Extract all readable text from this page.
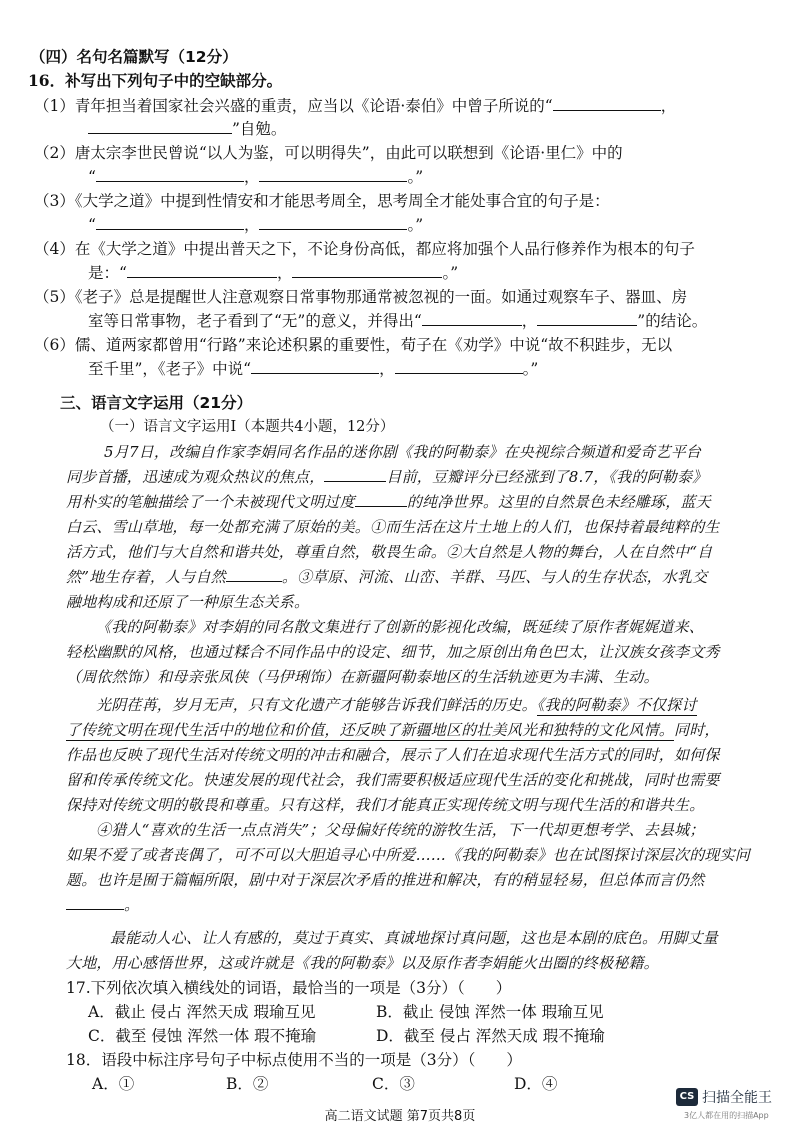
（四）名句名篇默写（12分）
16．补写出下列句子中的空缺部分。
（1）青年担当着国家社会兴盛的重责，应当以《论语·泰伯》中曾子所说的“	，
”自勉。
（2）唐太宗李世民曾说“以人为鉴，可以明得失”，由此可以联想到《论语·里仁》中的
“	，	。”
（3）《大学之道》中提到性情安和才能思考周全，思考周全才能处事合宜的句子是：
“	，	。”
（4）在《大学之道》中提出普天之下，不论身份高低，都应将加强个人品行修养作为根本的句子
是：“	，	。”
（5）《老子》总是提醒世人注意观察日常事物那通常被忽视的一面。如通过观察车子、器皿、房
室等日常事物，老子看到了“无”的意义，并得出“	，	”的结论。
（6）儒、道两家都曾用“行路”来论述积累的重要性，荀子在《劝学》中说“故不积跬步，无以
至千里”，《老子》中说“	，	。”
三、语言文字运用（21分）
（一）语言文字运用Ⅰ（本题共4小题，12分）
5月7日，改编自作家李娟同名作品的迷你剧《我的阿勒泰》在央视综合频道和爱奇艺平台
同步首播，迅速成为观众热议的焦点，	目前，豆瓣评分已经涨到了8.7，《我的阿勒泰》
用朴实的笔触描绘了一个未被现代文明过度	的纯净世界。这里的自然景色未经雕琢，蓝天
白云、雪山草地，每一处都充满了原始的美。①而生活在这片土地上的人们，也保持着最纯粹的生
活方式，他们与大自然和谐共处，尊重自然，敬畏生命。②大自然是人物的舞台，人在自然中“自
然”地生存着，人与自然	。③草原、河流、山峦、羊群、马匹、与人的生存状态，水乳交
融地构成和还原了一种原生态关系。
《我的阿勒泰》对李娟的同名散文集进行了创新的影视化改编，既延续了原作者娓娓道来、
轻松幽默的风格，也通过糅合不同作品中的设定、细节，加之原创出角色巴太，让汉族女孩李文秀
（周依然饰）和母亲张凤侠（马伊琍饰）在新疆阿勒泰地区的生活轨迹更为丰满、生动。
光阴荏苒，岁月无声，只有文化遗产才能够告诉我们鲜活的历史。《我的阿勒泰》不仅探讨
了传统文明在现代生活中的地位和价值，还反映了新疆地区的壮美风光和独特的文化风情。同时，
作品也反映了现代生活对传统文明的冲击和融合，展示了人们在追求现代生活方式的同时，如何保
留和传承传统文化。快速发展的现代社会，我们需要积极适应现代生活的变化和挑战，同时也需要
保持对传统文明的敬畏和尊重。只有这样，我们才能真正实现传统文明与现代生活的和谐共生。
④猎人“喜欢的生活一点点消失”；父母偏好传统的游牧生活，下一代却更想考学、去县城；
如果不爱了或者丧偶了，可不可以大胆追寻心中所爱……《我的阿勒泰》也在试图探讨深层次的现实问
题。也许是囿于篇幅所限，剧中对于深层次矛盾的推进和解决，有的稍显轻易，但总体而言仍然
。
最能动人心、让人有感的，莫过于真实、真诚地探讨真问题，这也是本剧的底色。用脚丈量
大地，用心感悟世界，这或许就是《我的阿勒泰》以及原作者李娟能火出圈的终极秘籍。
17.下列依次填入横线处的词语，最恰当的一项是（3分）（　　）
A．截止 侵占 浑然天成 瑕瑜互见	B．截止 侵蚀 浑然一体 瑕瑜互见
C．截至 侵蚀 浑然一体 瑕不掩瑜	D．截至 侵占 浑然天成 瑕不掩瑜
18．语段中标注序号句子中标点使用不当的一项是（3分）（　　）
A．①	B．②	C．③	D．④
高二语文试题 第7页共8页
CS 扫描全能王
3亿人都在用的扫描App
